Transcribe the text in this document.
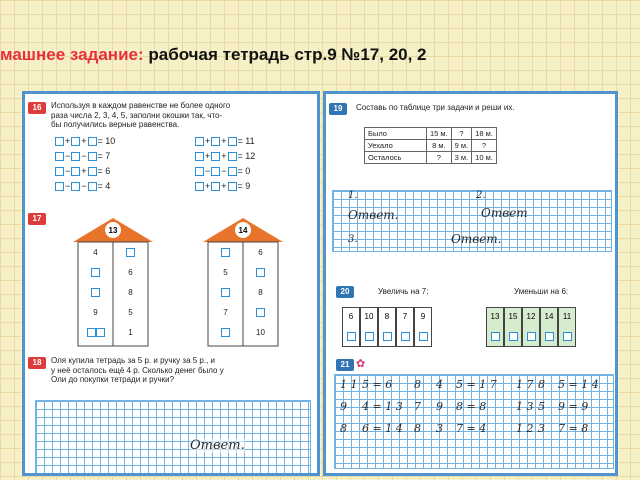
машнее задание: рабочая тетрадь стр.9 №17, 20, 2
16	Используя в каждом равенстве не более одного
раза числа 2, 3, 4, 5, заполни окошки так, что-
бы получились верные равенства.
+ + = 10
− − = 7
− + = 6
− − = 4
+ + = 11
+ + = 12
− − = 0
+ + = 9
17
13
4
6
8
9	5
1
14
6
5
8
7
10
18	Оля купила тетрадь за 5 р. и ручку за 5 р., и
у неё осталось ещё 4 р. Сколько денег было у
Оли до покупки тетради и ручки?
Ответ.
19	Составь по таблице три задачи и реши их.
Было	15 м.	?	18 м.
Уехало	8 м.	9 м.	?
Осталось	?	3 м.	10 м.
1.	2.
Ответ.	Ответ
3.	Ответ.
20	Увеличь на 7:	Уменьши на 6:
6	10	8	7	9	13	15	12	14	11
21 ✿
1 1 5 = 6 8 4 5 = 1 7 1 7 8 5 = 1 4
9 4 = 1 3 7 9 8 = 8	1 3 5 9 = 9
8 6 = 1 4 8 3 7 = 4	1 2 3 7 = 8
